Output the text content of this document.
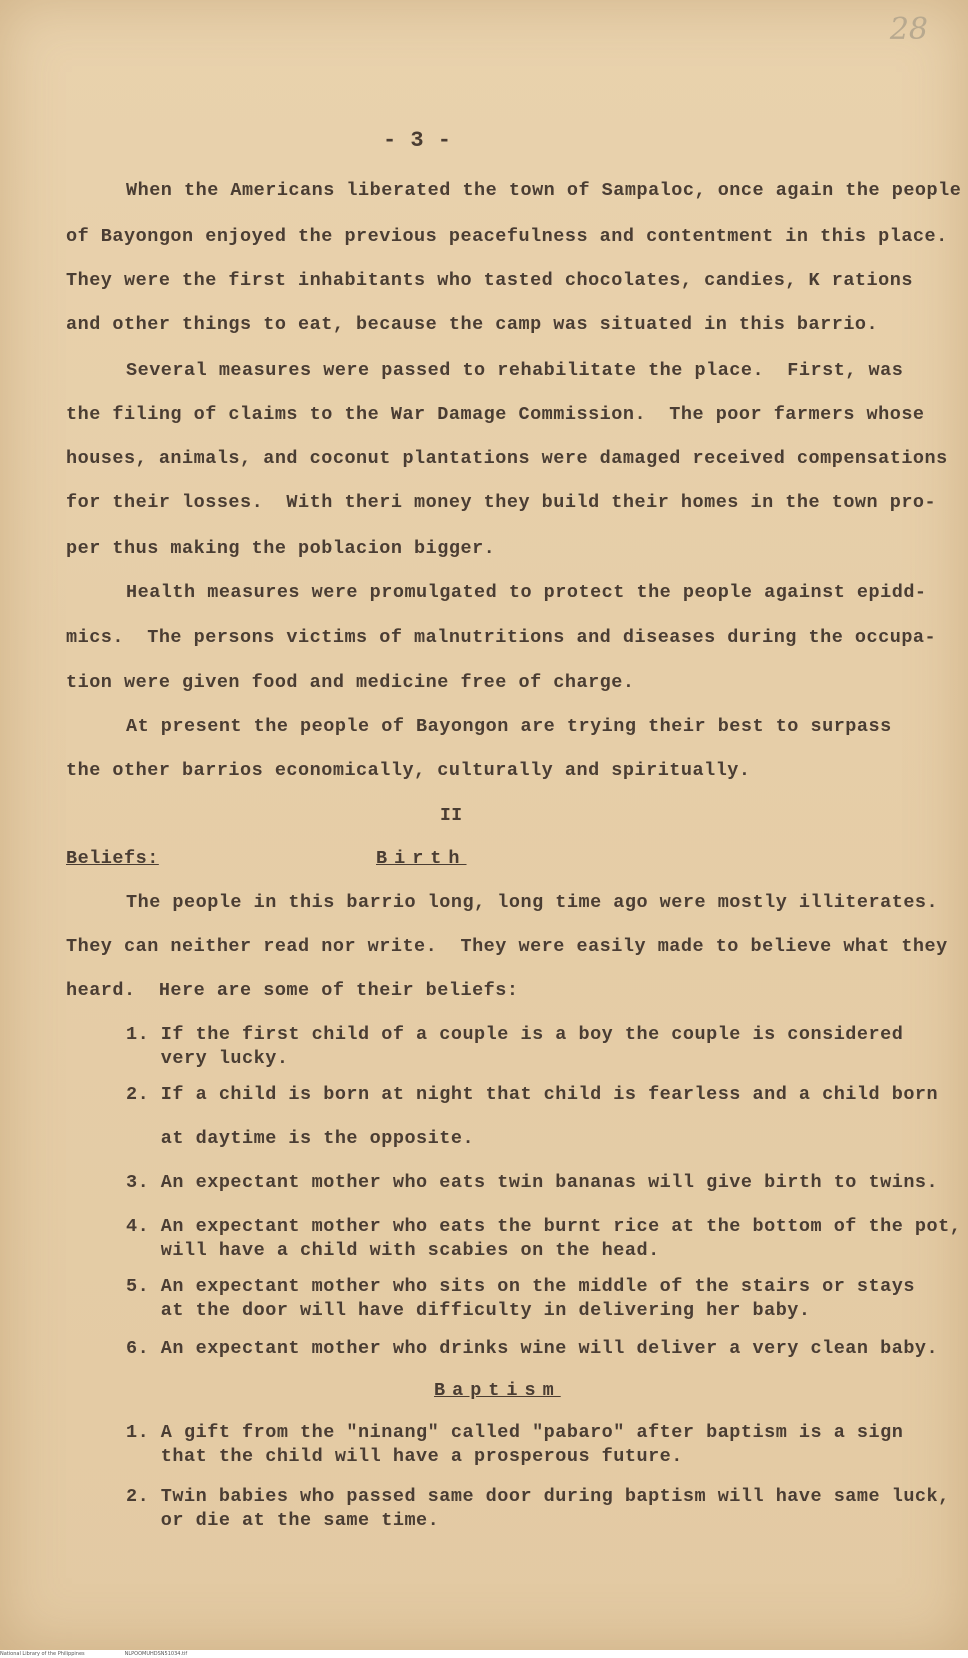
28
- 3 -
When the Americans liberated the town of Sampaloc, once again the people
of Bayongon enjoyed the previous peacefulness and contentment in this place.
They were the first inhabitants who tasted chocolates, candies, K rations
and other things to eat, because the camp was situated in this barrio.
Several measures were passed to rehabilitate the place.  First, was
the filing of claims to the War Damage Commission.  The poor farmers whose
houses, animals, and coconut plantations were damaged received compensations
for their losses.  With theri money they build their homes in the town pro-
per thus making the poblacion bigger.
Health measures were promulgated to protect the people against epidd-
mics.  The persons victims of malnutritions and diseases during the occupa-
tion were given food and medicine free of charge.
At present the people of Bayongon are trying their best to surpass
the other barrios economically, culturally and spiritually.
II
Beliefs:	Birth
The people in this barrio long, long time ago were mostly illiterates.
They can neither read nor write.  They were easily made to believe what they
heard.  Here are some of their beliefs:
1. If the first child of a couple is a boy the couple is considered
very lucky.
2. If a child is born at night that child is fearless and a child born
at daytime is the opposite.
3. An expectant mother who eats twin bananas will give birth to twins.
4. An expectant mother who eats the burnt rice at the bottom of the pot,
will have a child with scabies on the head.
5. An expectant mother who sits on the middle of the stairs or stays
at the door will have difficulty in delivering her baby.
6. An expectant mother who drinks wine will deliver a very clean baby.
Baptism
1. A gift from the "ninang" called "pabaro" after baptism is a sign
that the child will have a prosperous future.
2. Twin babies who passed same door during baptism will have same luck,
or die at the same time.
National Library of the Philippines	NLPOOMUHDSN51034.tif
